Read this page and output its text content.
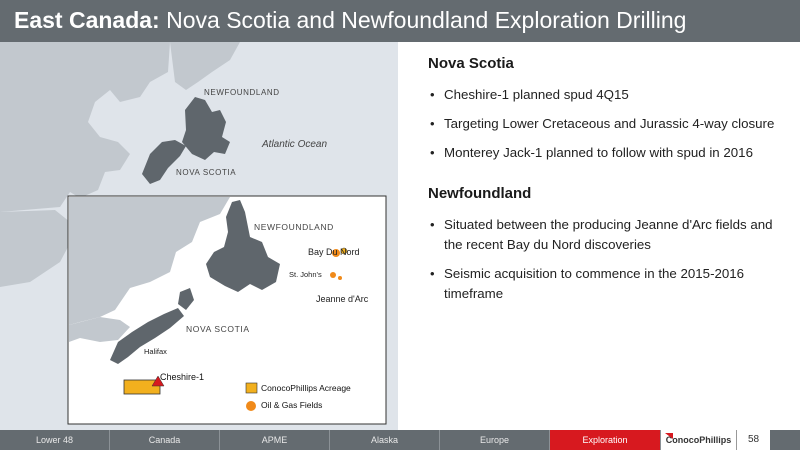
East Canada: Nova Scotia and Newfoundland Exploration Drilling
NEWFOUNDLAND
Atlantic Ocean
NOVA SCOTIA
NEWFOUNDLAND
Bay Du Nord
St. John's
Jeanne d'Arc
NOVA SCOTIA
Halifax
Cheshire-1
ConocoPhillips Acreage
Oil & Gas Fields
Nova Scotia
• Cheshire-1 planned spud 4Q15
• Targeting Lower Cretaceous and Jurassic 4-way closure
• Monterey Jack-1 planned to follow with spud in 2016
Newfoundland
• Situated between the producing Jeanne d'Arc fields and the recent Bay du Nord discoveries
• Seismic acquisition to commence in the 2015-2016 timeframe
Lower 48	Canada	APME	Alaska	Europe	Exploration	ConocoPhillips	58
